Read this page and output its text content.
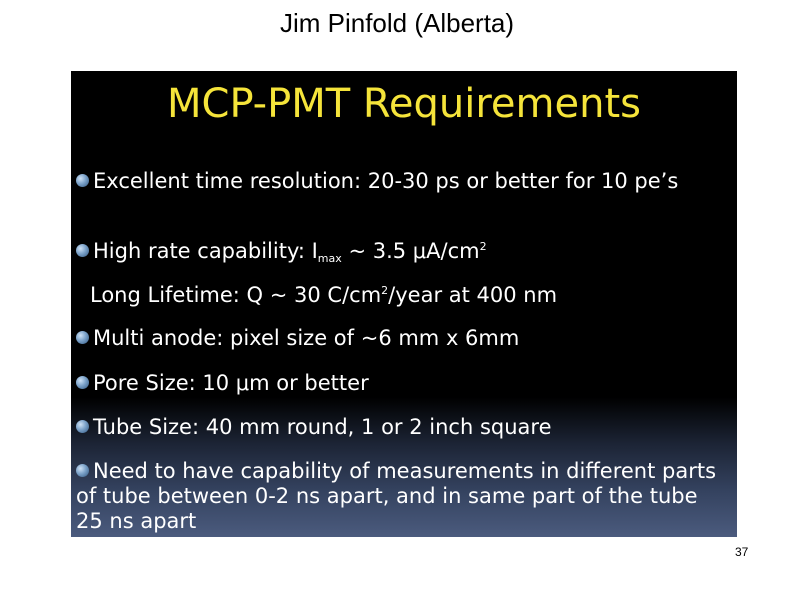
Jim Pinfold (Alberta)
MCP-PMT Requirements
Excellent time resolution: 20-30 ps or better for 10 pe’s
High rate capability: $I_{max}$ ~ 3.5 $\mu A/cm^2$
Long Lifetime: Q ~ 30 $C/cm^2$/year at 400 nm
Multi anode: pixel size of ~6 mm x 6mm
Pore Size: 10 μm or better
Tube Size: 40 mm round, 1 or 2 inch square
Need to have capability of measurements in different parts of tube between 0-2 ns apart, and in same part of the tube 25 ns apart
37
